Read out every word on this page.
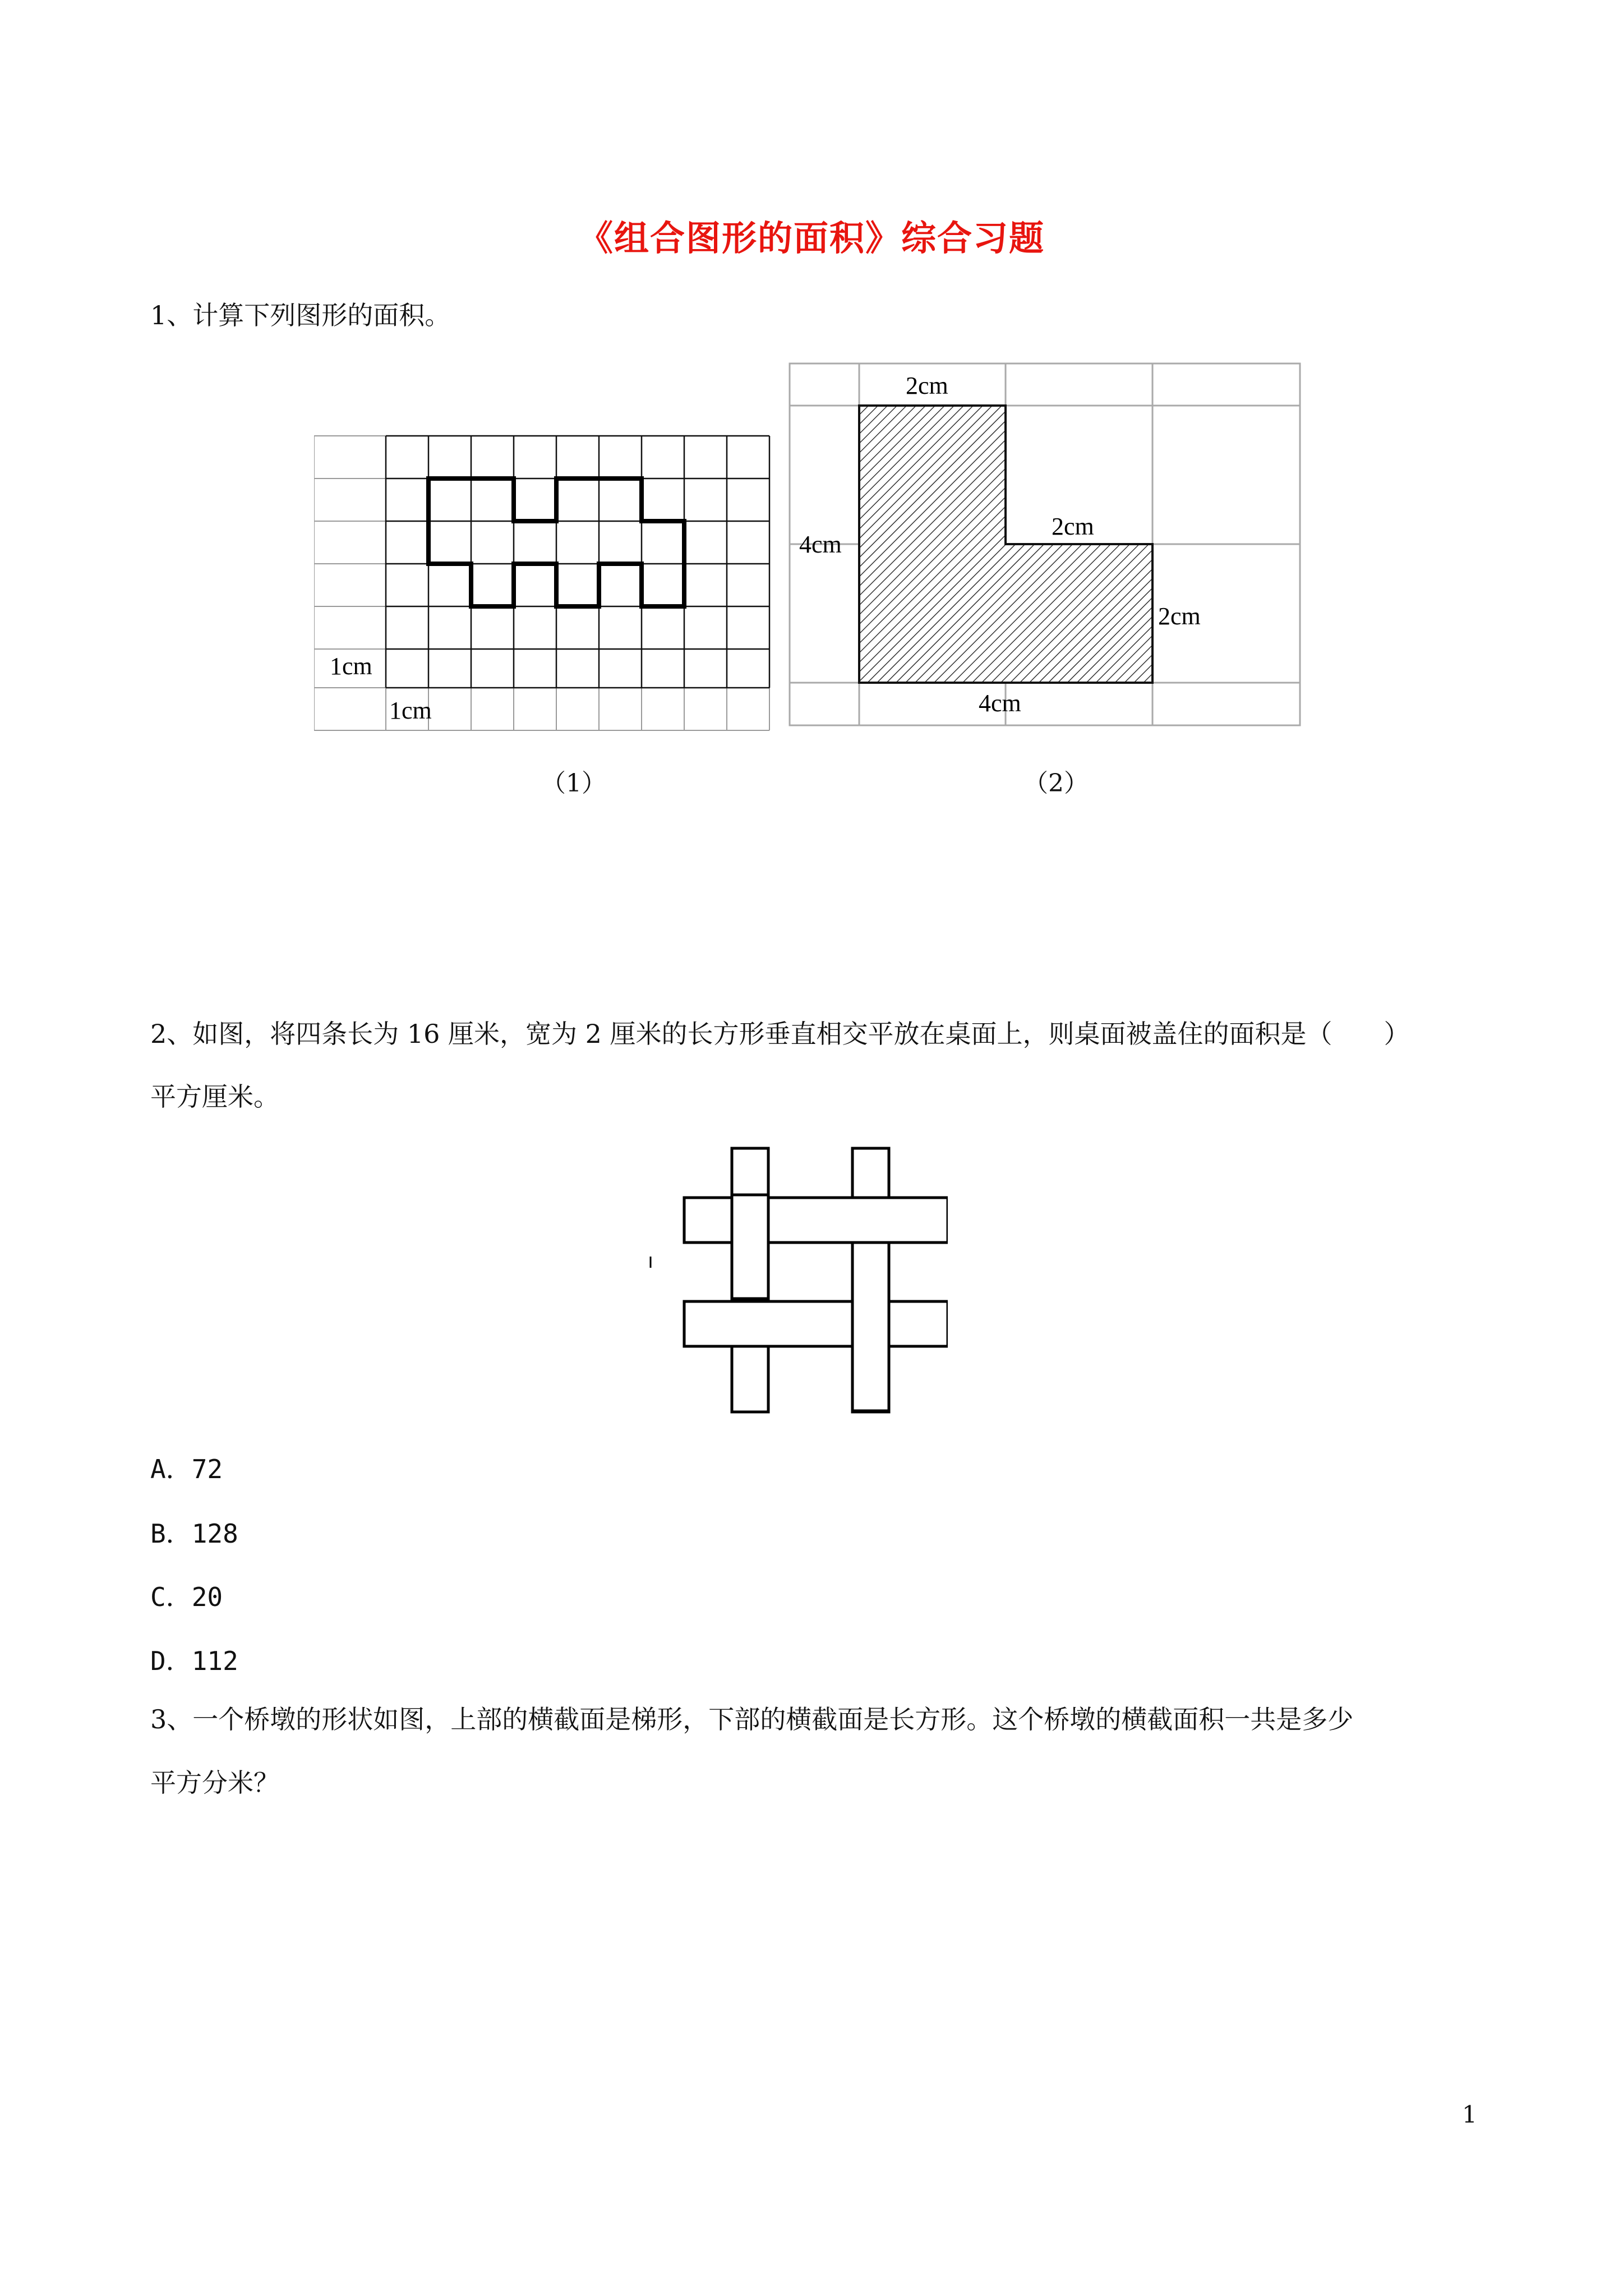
《组合图形的面积》综合习题
1、计算下列图形的面积。
1cm
1cm
（1）
2cm
4cm
2cm
2cm
4cm
（2）
2、如图，将四条长为 16 厘米，宽为 2 厘米的长方形垂直相交平放在桌面上，则桌面被盖住的面积是（　　）
平方厘米。
A．72
B．128
C．20
D．112
3、一个桥墩的形状如图，上部的横截面是梯形，下部的横截面是长方形。这个桥墩的横截面积一共是多少
平方分米？
1
